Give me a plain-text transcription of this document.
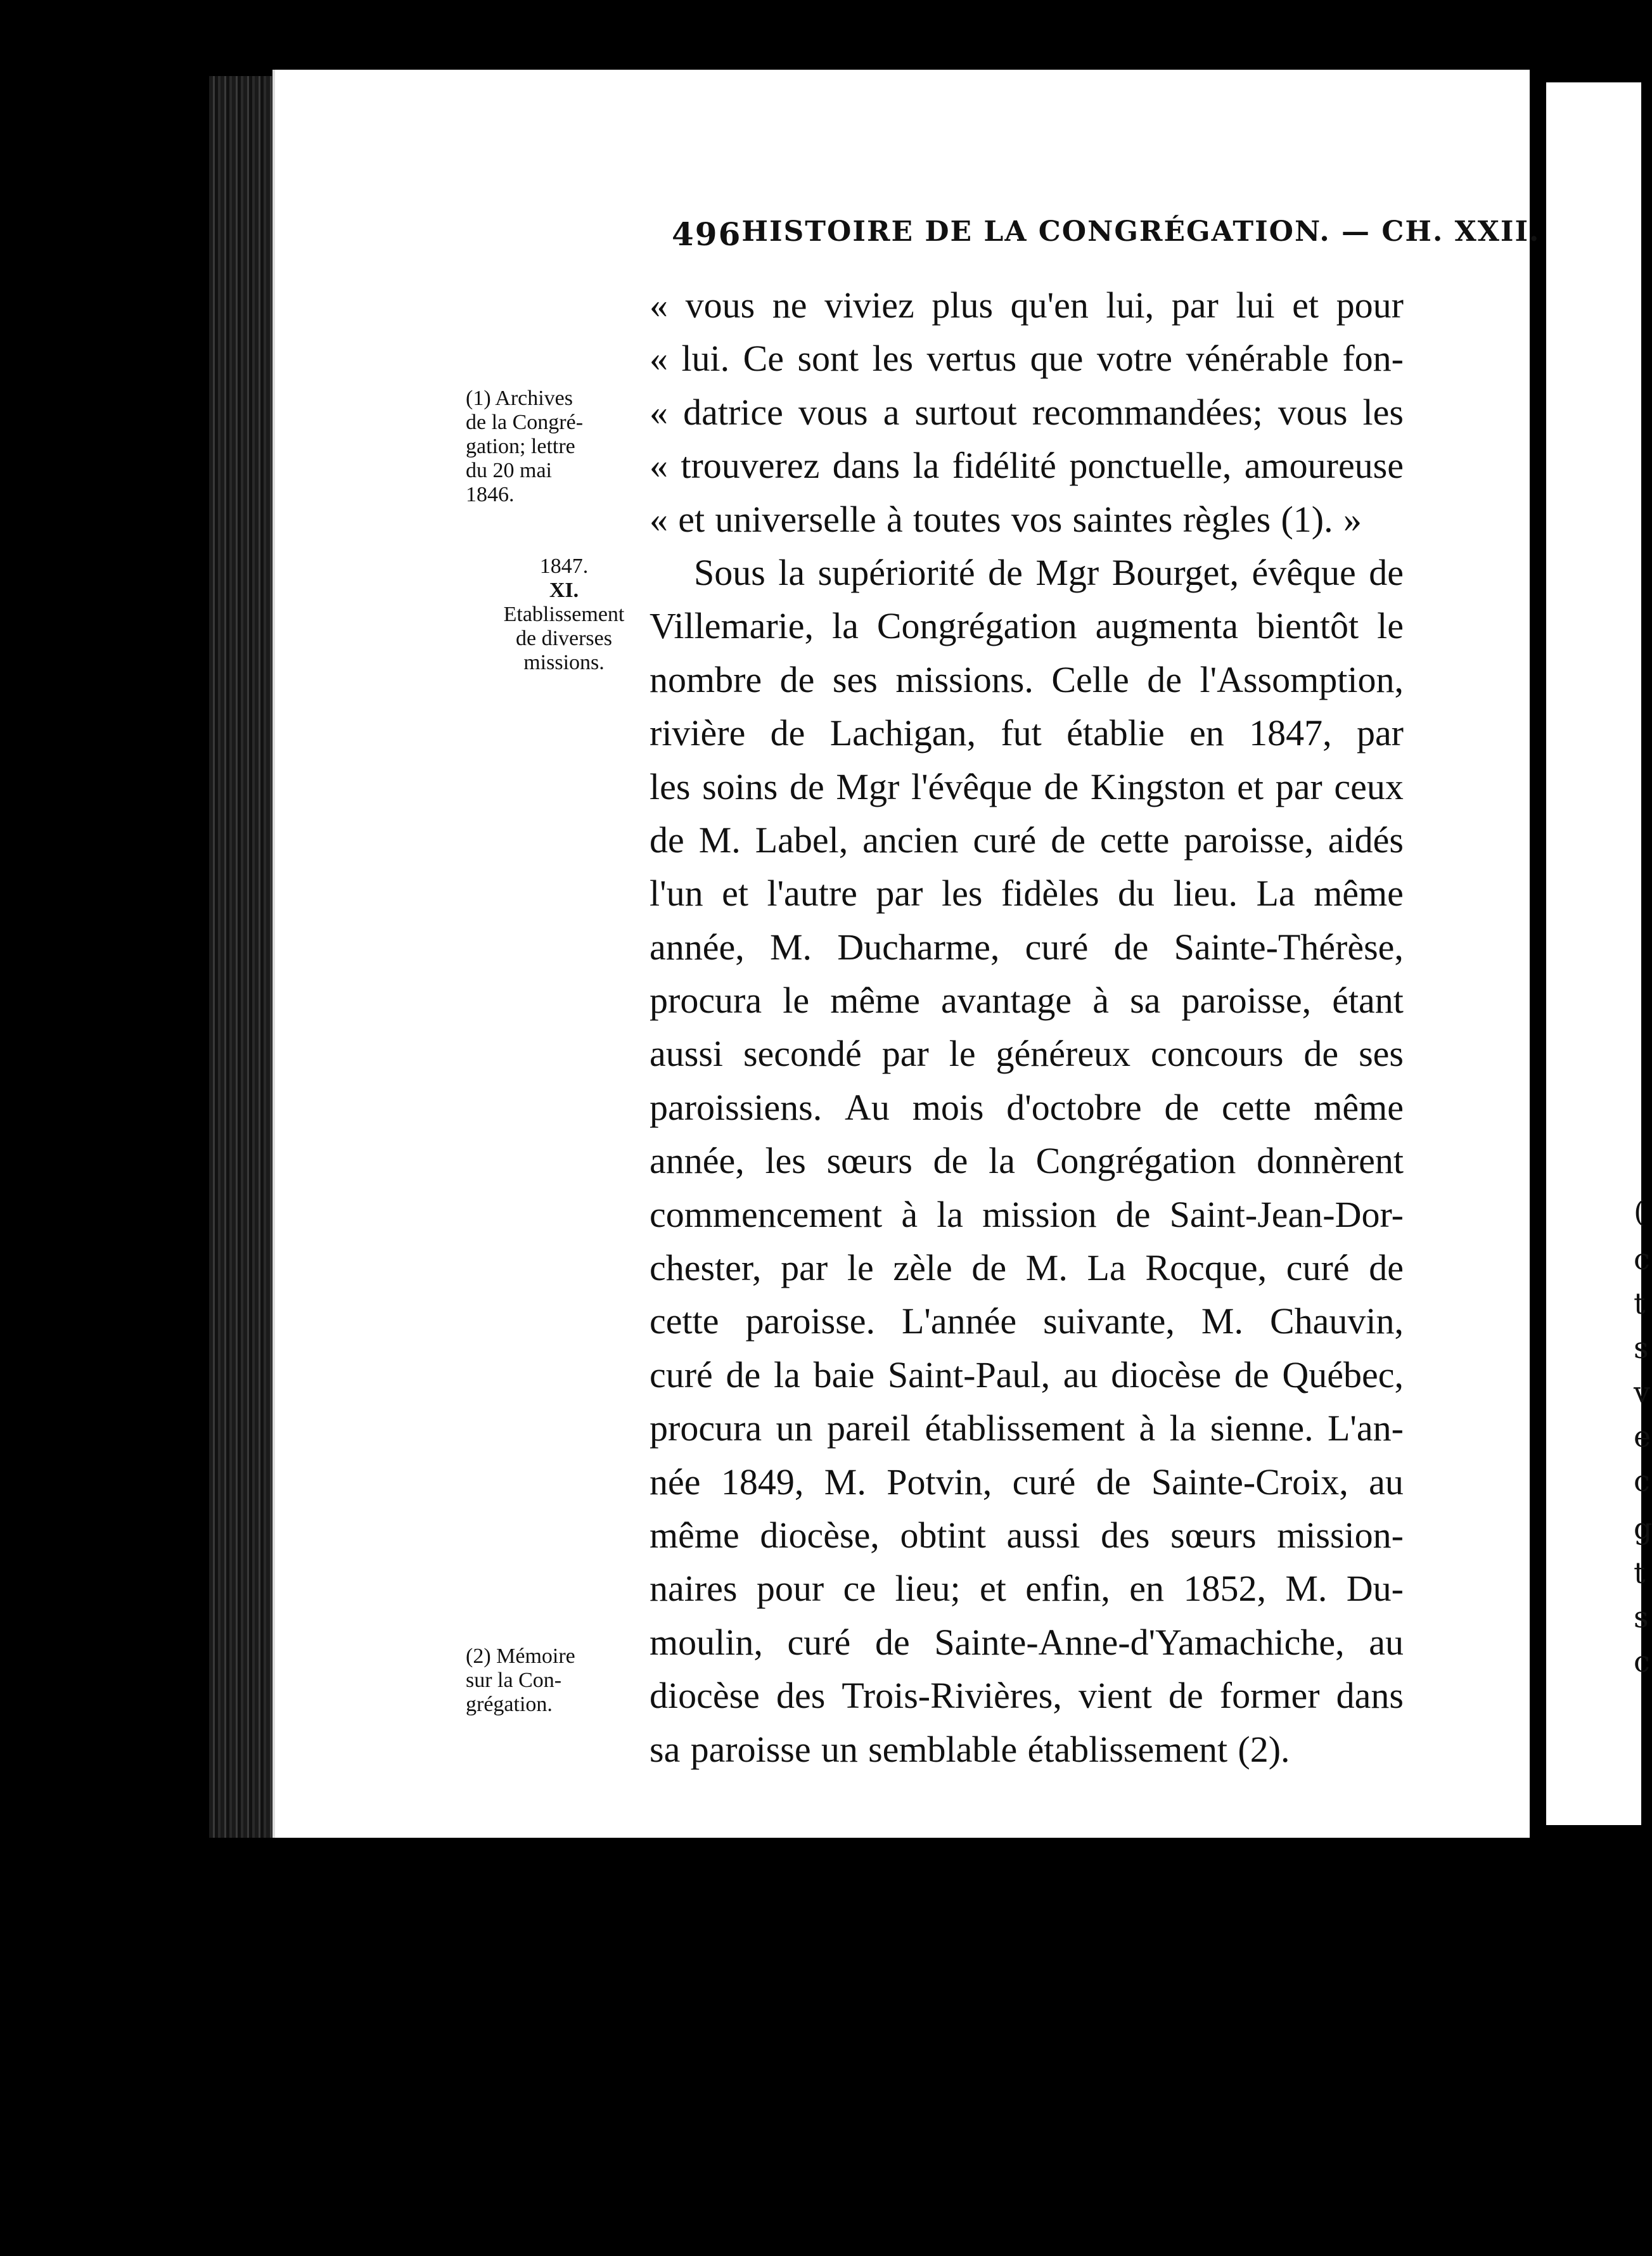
496 HISTOIRE DE LA CONGRÉGATION. — CH. XXII.
« vous ne viviez plus qu'en lui, par lui et pour
« lui. Ce sont les vertus que votre vénérable fon-
« datrice vous a surtout recommandées; vous les
« trouverez dans la fidélité ponctuelle, amoureuse
« et universelle à toutes vos saintes règles (1). »
Sous la supériorité de Mgr Bourget, évêque de
Villemarie, la Congrégation augmenta bientôt le
nombre de ses missions. Celle de l'Assomption,
rivière de Lachigan, fut établie en 1847, par
les soins de Mgr l'évêque de Kingston et par ceux
de M. Label, ancien curé de cette paroisse, aidés
l'un et l'autre par les fidèles du lieu. La même
année, M. Ducharme, curé de Sainte-Thérèse,
procura le même avantage à sa paroisse, étant
aussi secondé par le généreux concours de ses
paroissiens. Au mois d'octobre de cette même
année, les sœurs de la Congrégation donnèrent
commencement à la mission de Saint-Jean-Dor-
chester, par le zèle de M. La Rocque, curé de
cette paroisse. L'année suivante, M. Chauvin,
curé de la baie Saint-Paul, au diocèse de Québec,
procura un pareil établissement à la sienne. L'an-
née 1849, M. Potvin, curé de Sainte-Croix, au
même diocèse, obtint aussi des sœurs mission-
naires pour ce lieu; et enfin, en 1852, M. Du-
moulin, curé de Sainte-Anne-d'Yamachiche, au
diocèse des Trois-Rivières, vient de former dans
sa paroisse un semblable établissement (2).
(1) Archives
de la Congré-
gation; lettre
du 20 mai
1846.
1847.
XI.
Etablissement
de diverses
missions.
(2) Mémoire
sur la Con-
grégation.
(
c
t
s
v
e
c
g
t
s
c
